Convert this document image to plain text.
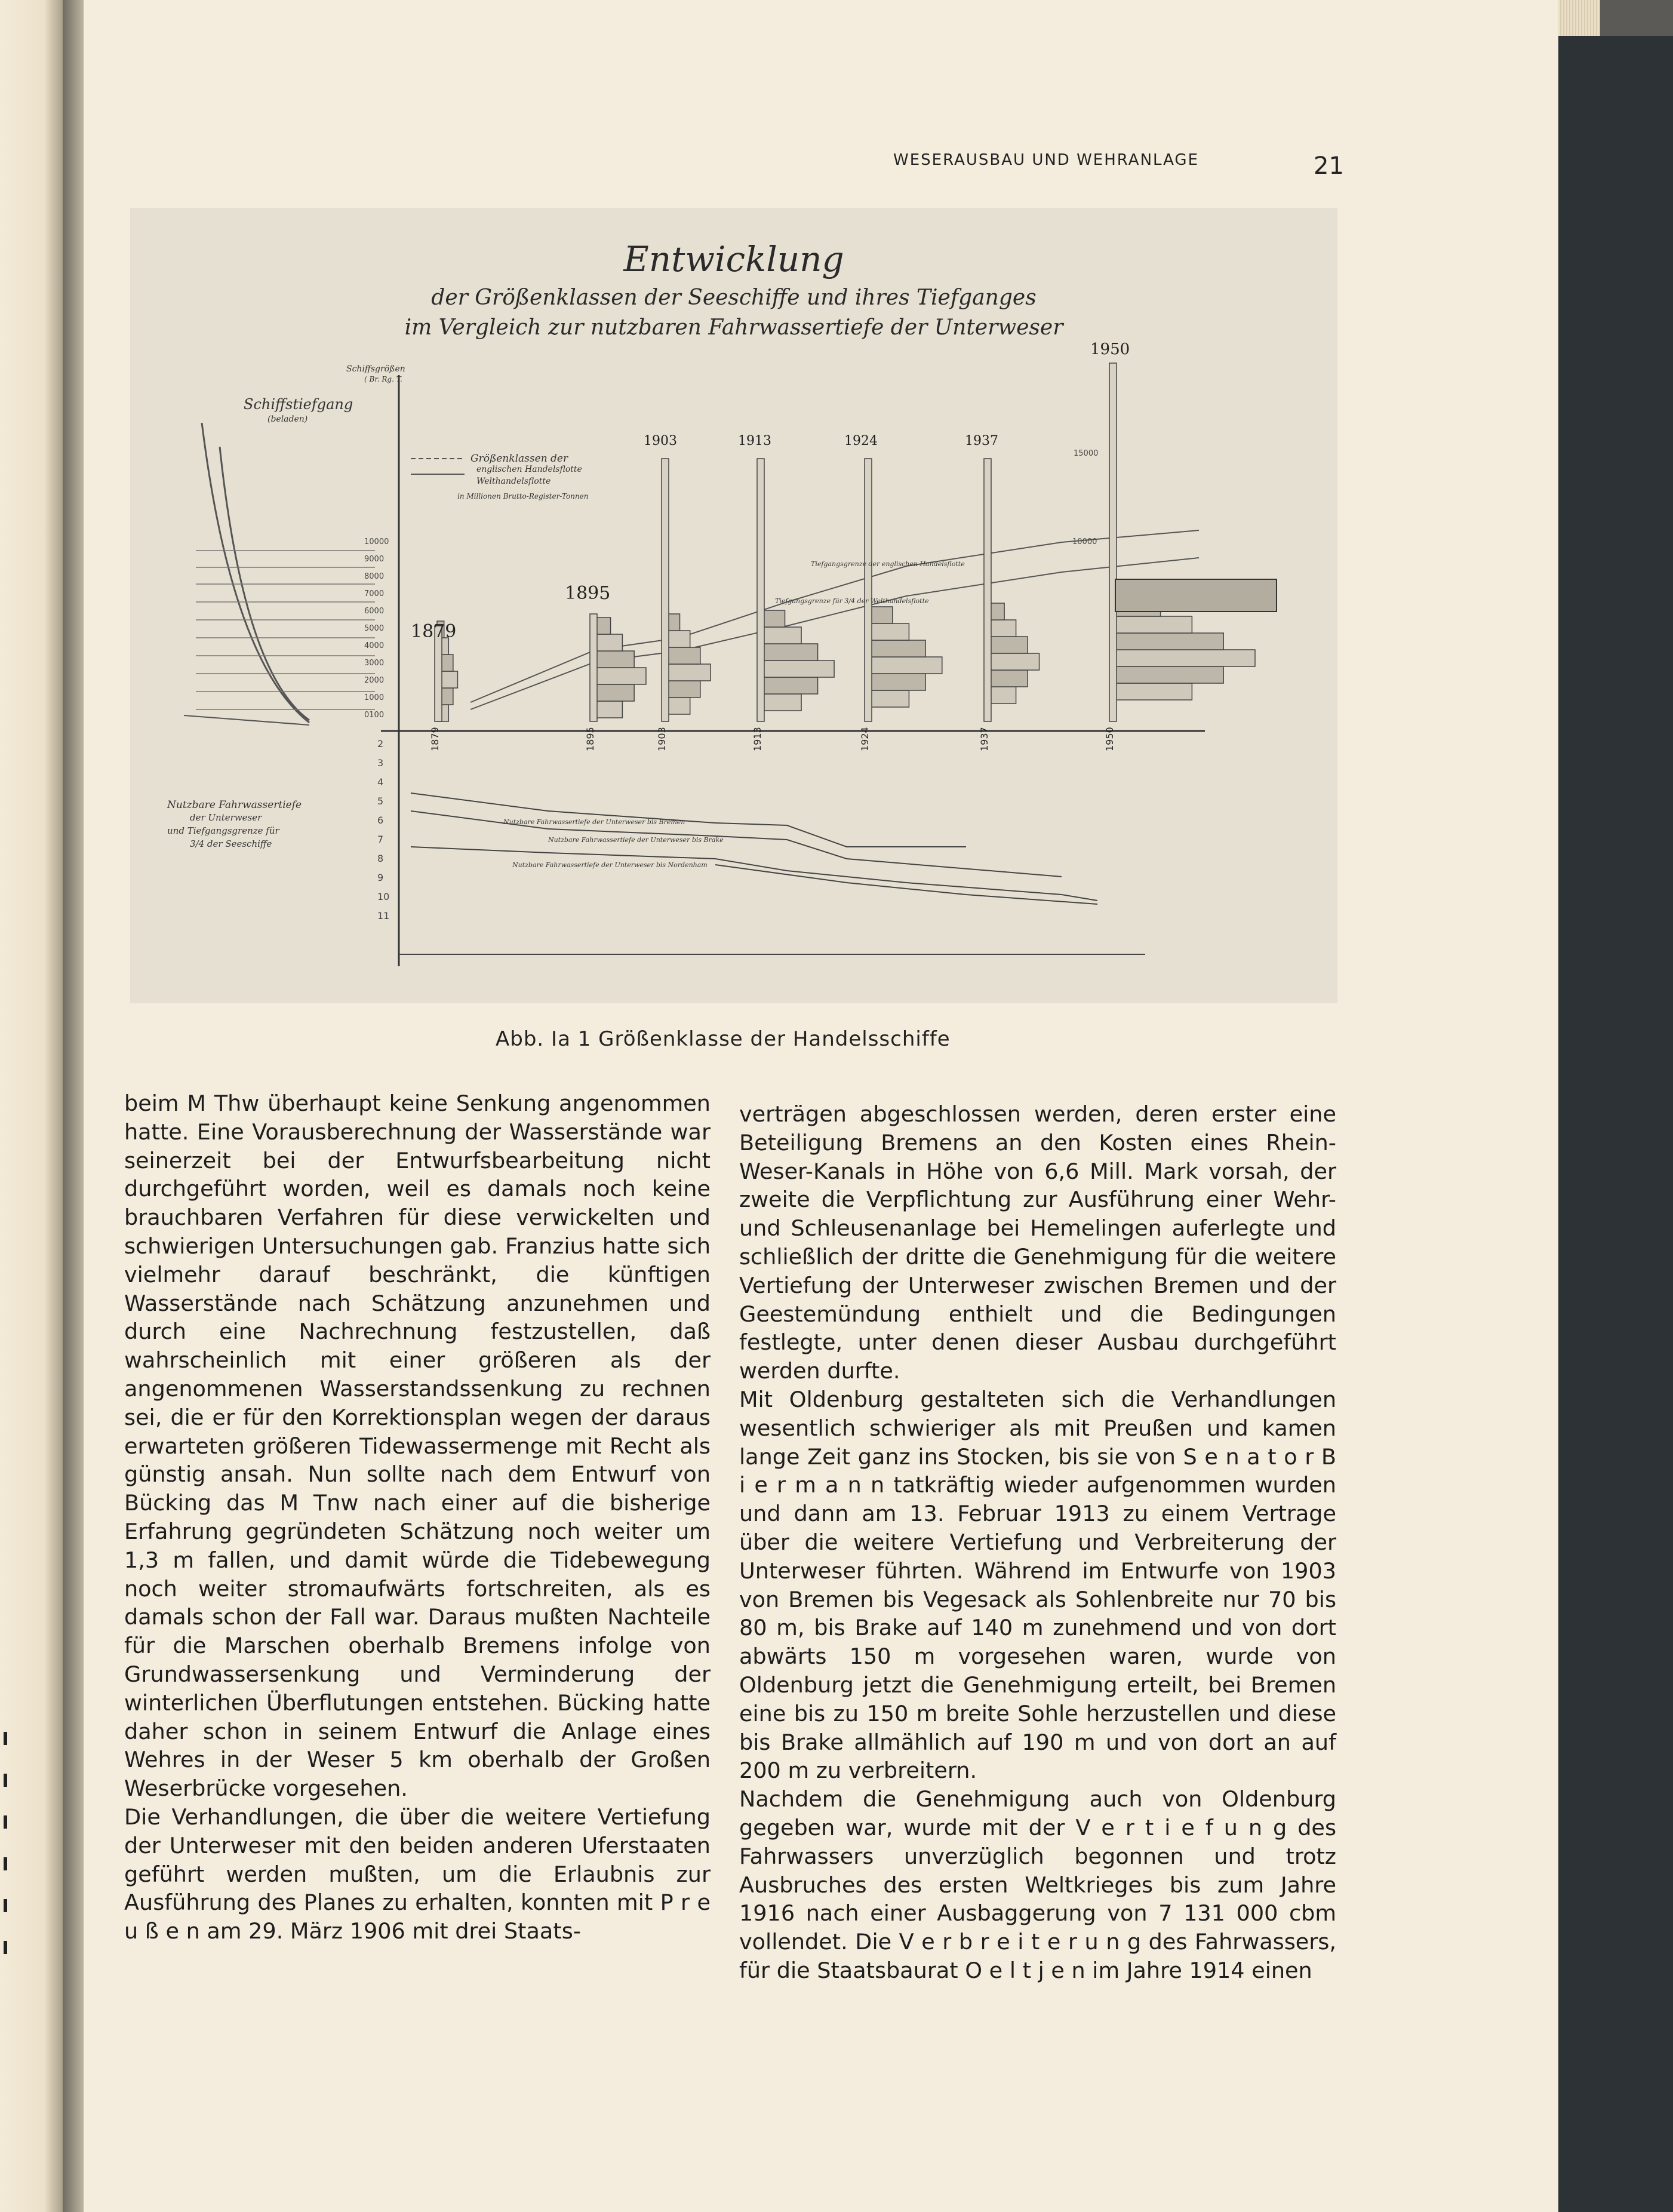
WESERAUSBAU UND WEHRANLAGE	21
1879	1895	1903	1913	1924	1937	1950
Entwicklung
der Größenklassen der Seeschiffe und ihres Tiefganges
im Vergleich zur nutzbaren Fahrwassertiefe der Unterweser
Schiffstiefgang
(beladen)
Schiffsgrößen
( Br. Rg. T.
Größenklassen der
englischen Handelsflotte
Welthandelsflotte
in Millionen Brutto-Register-Tonnen
Nutzbare Fahrwassertiefe
der Unterweser
und Tiefgangsgrenze für
3/4 der Seeschiffe
Nutzbare Fahrwassertiefe der Unterweser bis Bremen
Nutzbare Fahrwassertiefe der Unterweser bis Brake
Nutzbare Fahrwassertiefe der Unterweser bis Nordenham
Tiefgangsgrenze für 3/4 der Welthandelsflotte
Tiefgangsgrenze der englischen Handelsflotte
10000
9000
8000
7000
6000
5000
4000
3000
2000
1000
0100
2
3
4
5
6
7
8
9
10
11
1879
1895
1903	1913	1924	1937
1950
15000
10000
Abb. Ia 1 Größenklasse der Handelsschiffe

beim M Thw überhaupt keine Senkung angenommen hatte. Eine Vorausberechnung der Wasserstände war seinerzeit bei der Entwurfsbearbeitung nicht durchgeführt worden, weil es damals noch keine brauchbaren Verfahren für diese verwickelten und schwierigen Untersuchungen gab. Franzius hatte sich vielmehr darauf beschränkt, die künftigen Wasserstände nach Schätzung anzunehmen und durch eine Nachrechnung festzustellen, daß wahrscheinlich mit einer größeren als der angenommenen Wasserstandssenkung zu rechnen sei, die er für den Korrektionsplan wegen der daraus erwarteten größeren Tidewassermenge mit Recht als günstig ansah. Nun sollte nach dem Entwurf von Bücking das M Tnw nach einer auf die bisherige Erfahrung gegründeten Schätzung noch weiter um 1,3 m fallen, und damit würde die Tidebewegung noch weiter stromaufwärts fortschreiten, als es damals schon der Fall war. Daraus mußten Nachteile für die Marschen oberhalb Bremens infolge von Grundwassersenkung und Verminderung der winterlichen Überflutungen entstehen. Bücking hatte daher schon in seinem Entwurf die Anlage eines Wehres in der Weser 5 km oberhalb der Großen Weserbrücke vorgesehen.

Die Verhandlungen, die über die weitere Vertiefung der Unterweser mit den beiden anderen Uferstaaten geführt werden mußten, um die Erlaubnis zur Ausführung des Planes zu erhalten, konnten mit P r e u ß e n am 29. März 1906 mit drei Staats-

verträgen abgeschlossen werden, deren erster eine Beteiligung Bremens an den Kosten eines Rhein-Weser-Kanals in Höhe von 6,6 Mill. Mark vorsah, der zweite die Verpflichtung zur Ausführung einer Wehr- und Schleusenanlage bei Hemelingen auferlegte und schließlich der dritte die Genehmigung für die weitere Vertiefung der Unterweser zwischen Bremen und der Geestemündung enthielt und die Bedingungen festlegte, unter denen dieser Ausbau durchgeführt werden durfte.

Mit Oldenburg gestalteten sich die Verhandlungen wesentlich schwieriger als mit Preußen und kamen lange Zeit ganz ins Stocken, bis sie von S e n a t o r B i e r m a n n tatkräftig wieder aufgenommen wurden und dann am 13. Februar 1913 zu einem Vertrage über die weitere Vertiefung und Verbreiterung der Unterweser führten. Während im Entwurfe von 1903 von Bremen bis Vegesack als Sohlenbreite nur 70 bis 80 m, bis Brake auf 140 m zunehmend und von dort abwärts 150 m vorgesehen waren, wurde von Oldenburg jetzt die Genehmigung erteilt, bei Bremen eine bis zu 150 m breite Sohle herzustellen und diese bis Brake allmählich auf 190 m und von dort an auf 200 m zu verbreitern.

Nachdem die Genehmigung auch von Oldenburg gegeben war, wurde mit der V e r t i e f u n g des Fahrwassers unverzüglich begonnen und trotz Ausbruches des ersten Weltkrieges bis zum Jahre 1916 nach einer Ausbaggerung von 7 131 000 cbm vollendet. Die V e r b r e i t e r u n g des Fahrwassers, für die Staatsbaurat O e l t j e n im Jahre 1914 einen
